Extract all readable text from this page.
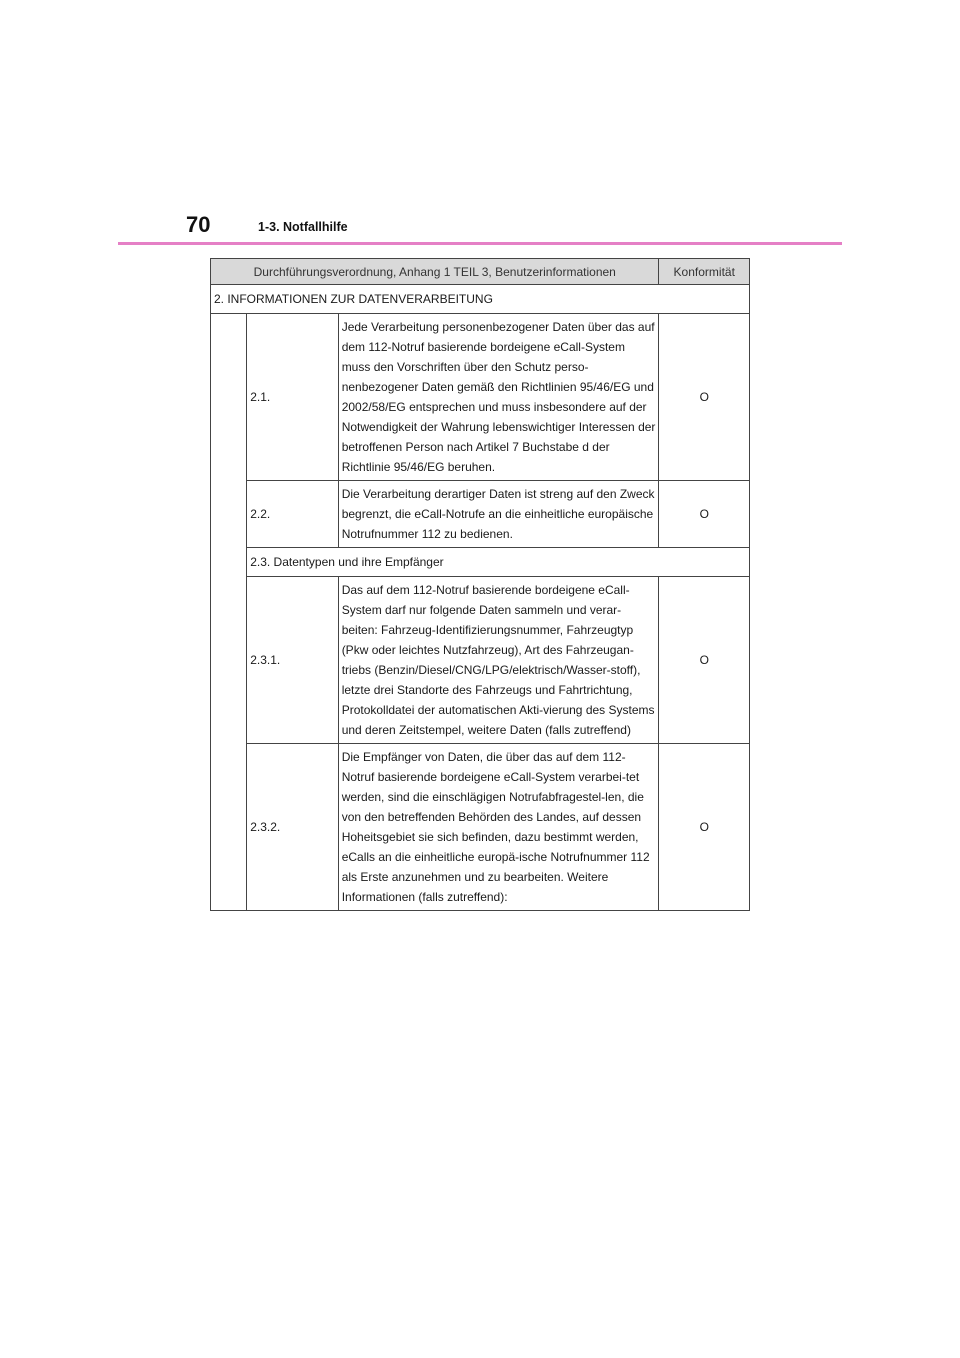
70	1-3. Notfallhilfe
Durchführungsverordnung, Anhang 1 TEIL 3, Benutzerinformationen			Konformität
2. INFORMATIONEN ZUR DATENVERARBEITUNG			
	2.1.	Jede Verarbeitung personenbezogener Daten über das auf dem 112-Notruf basierende bordeigene eCall-System muss den Vorschriften über den Schutz perso-nenbezogener Daten gemäß den Richtlinien 95/46/EG und 2002/58/EG entsprechen und muss insbesondere auf der Notwendigkeit der Wahrung lebenswichtiger Interessen der betroffenen Person nach Artikel 7 Buchstabe d der Richtlinie 95/46/EG beruhen.	O
	2.2.	Die Verarbeitung derartiger Daten ist streng auf den Zweck begrenzt, die eCall-Notrufe an die einheitliche europäische Notrufnummer 112 zu bedienen.	O
	2.3. Datentypen und ihre Empfänger		
	2.3.1.	Das auf dem 112-Notruf basierende bordeigene eCall-System darf nur folgende Daten sammeln und verar-beiten: Fahrzeug-Identifizierungsnummer, Fahrzeugtyp (Pkw oder leichtes Nutzfahrzeug), Art des Fahrzeugan-triebs (Benzin/Diesel/CNG/LPG/elektrisch/Wasser-stoff), letzte drei Standorte des Fahrzeugs und Fahrtrichtung, Protokolldatei der automatischen Akti-vierung des Systems und deren Zeitstempel, weitere Daten (falls zutreffend)	O
	2.3.2.	Die Empfänger von Daten, die über das auf dem 112-Notruf basierende bordeigene eCall-System verarbei-tet werden, sind die einschlägigen Notrufabfragestel-len, die von den betreffenden Behörden des Landes, auf dessen Hoheitsgebiet sie sich befinden, dazu bestimmt werden, eCalls an die einheitliche europä-ische Notrufnummer 112 als Erste anzunehmen und zu bearbeiten. Weitere Informationen (falls zutreffend):	O
